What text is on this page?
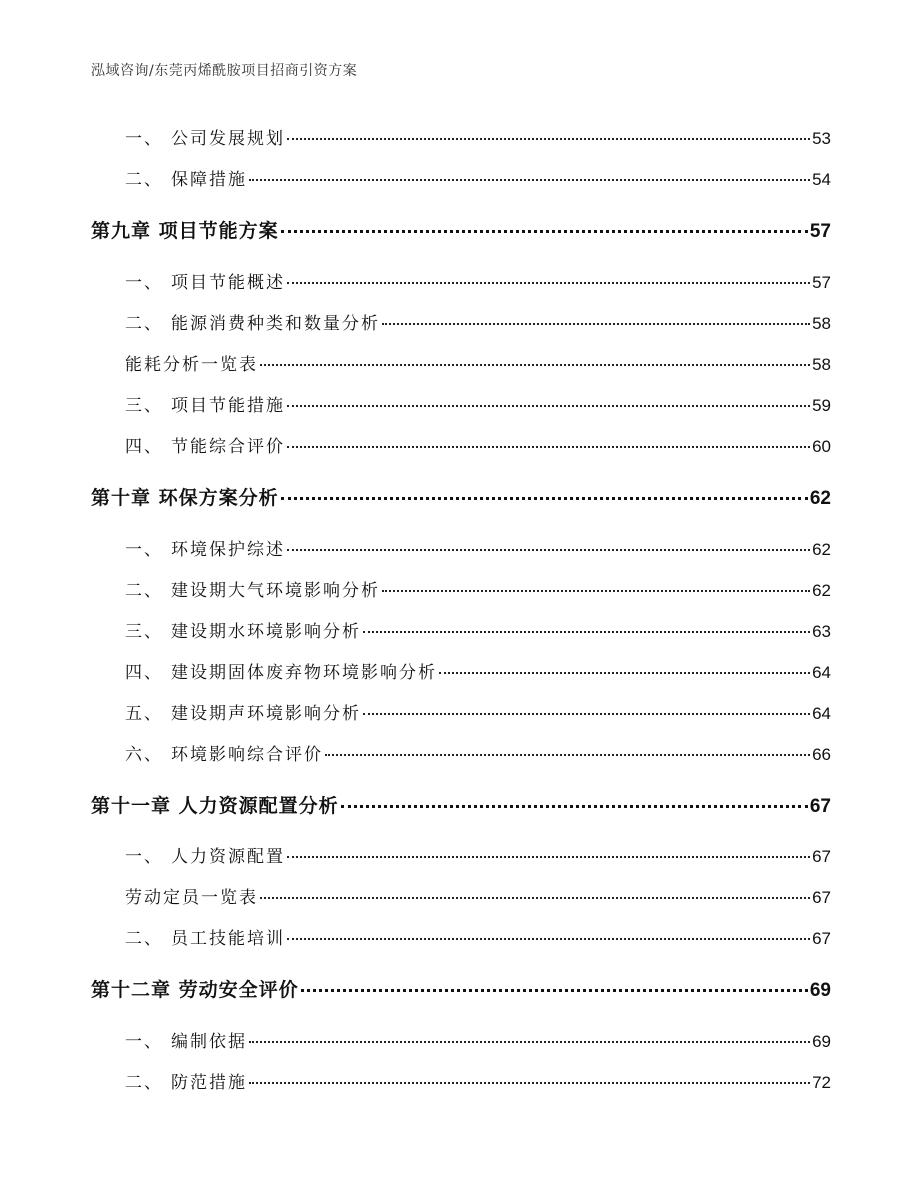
泓域咨询/东莞丙烯酰胺项目招商引资方案
一、 公司发展规划	53
二、 保障措施	54
第九章 项目节能方案	57
一、 项目节能概述	57
二、 能源消费种类和数量分析	58
能耗分析一览表	58
三、 项目节能措施	59
四、 节能综合评价	60
第十章 环保方案分析	62
一、 环境保护综述	62
二、 建设期大气环境影响分析	62
三、 建设期水环境影响分析	63
四、 建设期固体废弃物环境影响分析	64
五、 建设期声环境影响分析	64
六、 环境影响综合评价	66
第十一章 人力资源配置分析	67
一、 人力资源配置	67
劳动定员一览表	67
二、 员工技能培训	67
第十二章 劳动安全评价	69
一、 编制依据	69
二、 防范措施	72
